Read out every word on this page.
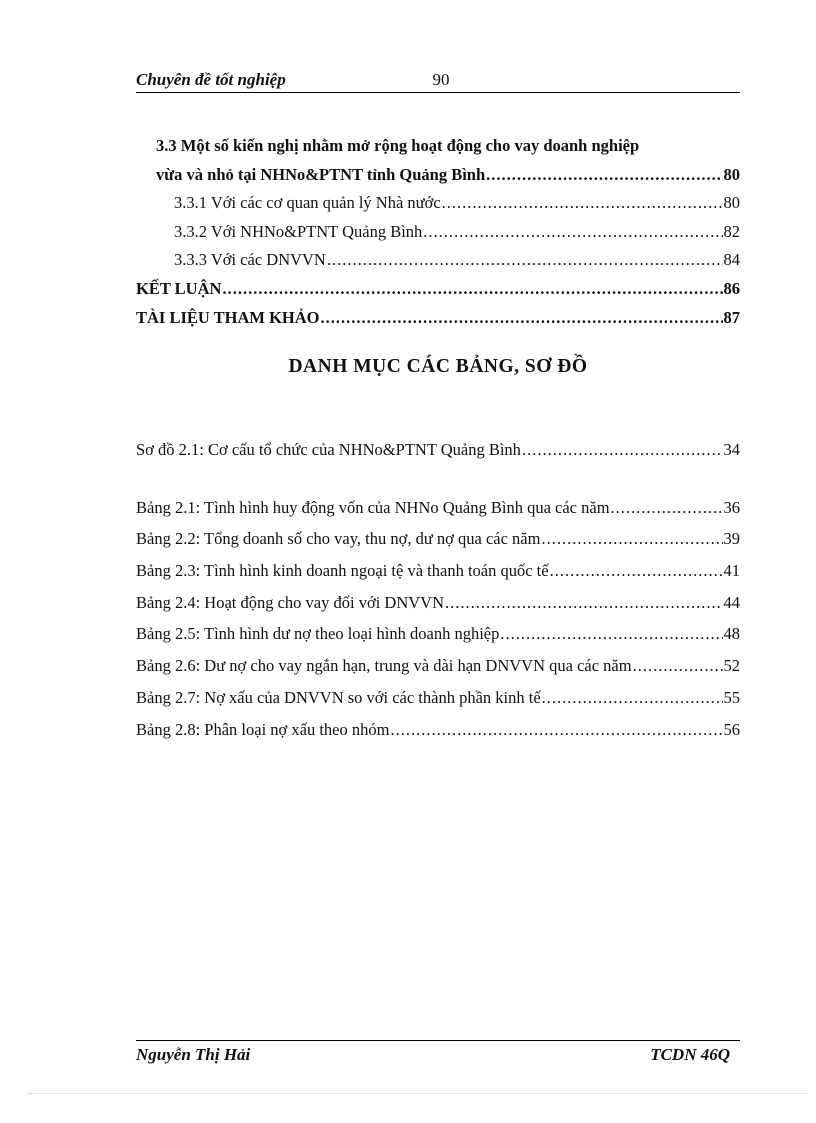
Chuyên đề tốt nghiệp	90
3.3 Một số kiến nghị nhằm mở rộng hoạt động cho vay doanh nghiệp
vừa và nhỏ tại NHNo&PTNT tỉnh Quảng Bình .....	80
3.3.1 Với các cơ quan quản lý Nhà nước .....	80
3.3.2 Với NHNo&PTNT Quảng Bình .....	82
3.3.3 Với các DNVVN .....	84
KẾT LUẬN .....	86
TÀI LIỆU THAM KHẢO .....	87
DANH MỤC CÁC BẢNG, SƠ ĐỒ
Sơ đồ 2.1: Cơ cấu tổ chức của NHNo&PTNT Quảng Bình .....	34
Bảng 2.1: Tình hình huy động vốn của NHNo Quảng Bình qua các năm .....	36
Bảng 2.2: Tổng doanh số cho vay, thu nợ, dư nợ qua các năm .....	39
Bảng 2.3: Tình hình kinh doanh ngoại tệ và thanh toán quốc tế .....	41
Bảng 2.4: Hoạt động cho vay đối với DNVVN .....	44
Bảng 2.5: Tình hình dư nợ theo loại hình doanh nghiệp .....	48
Bảng 2.6: Dư nợ cho vay ngắn hạn, trung và dài hạn DNVVN qua các năm .....	52
Bảng 2.7: Nợ xấu của DNVVN so với các thành phần kinh tế .....	55
Bảng 2.8: Phân loại nợ xấu theo nhóm .....	56
Nguyễn Thị Hải	TCDN 46Q
